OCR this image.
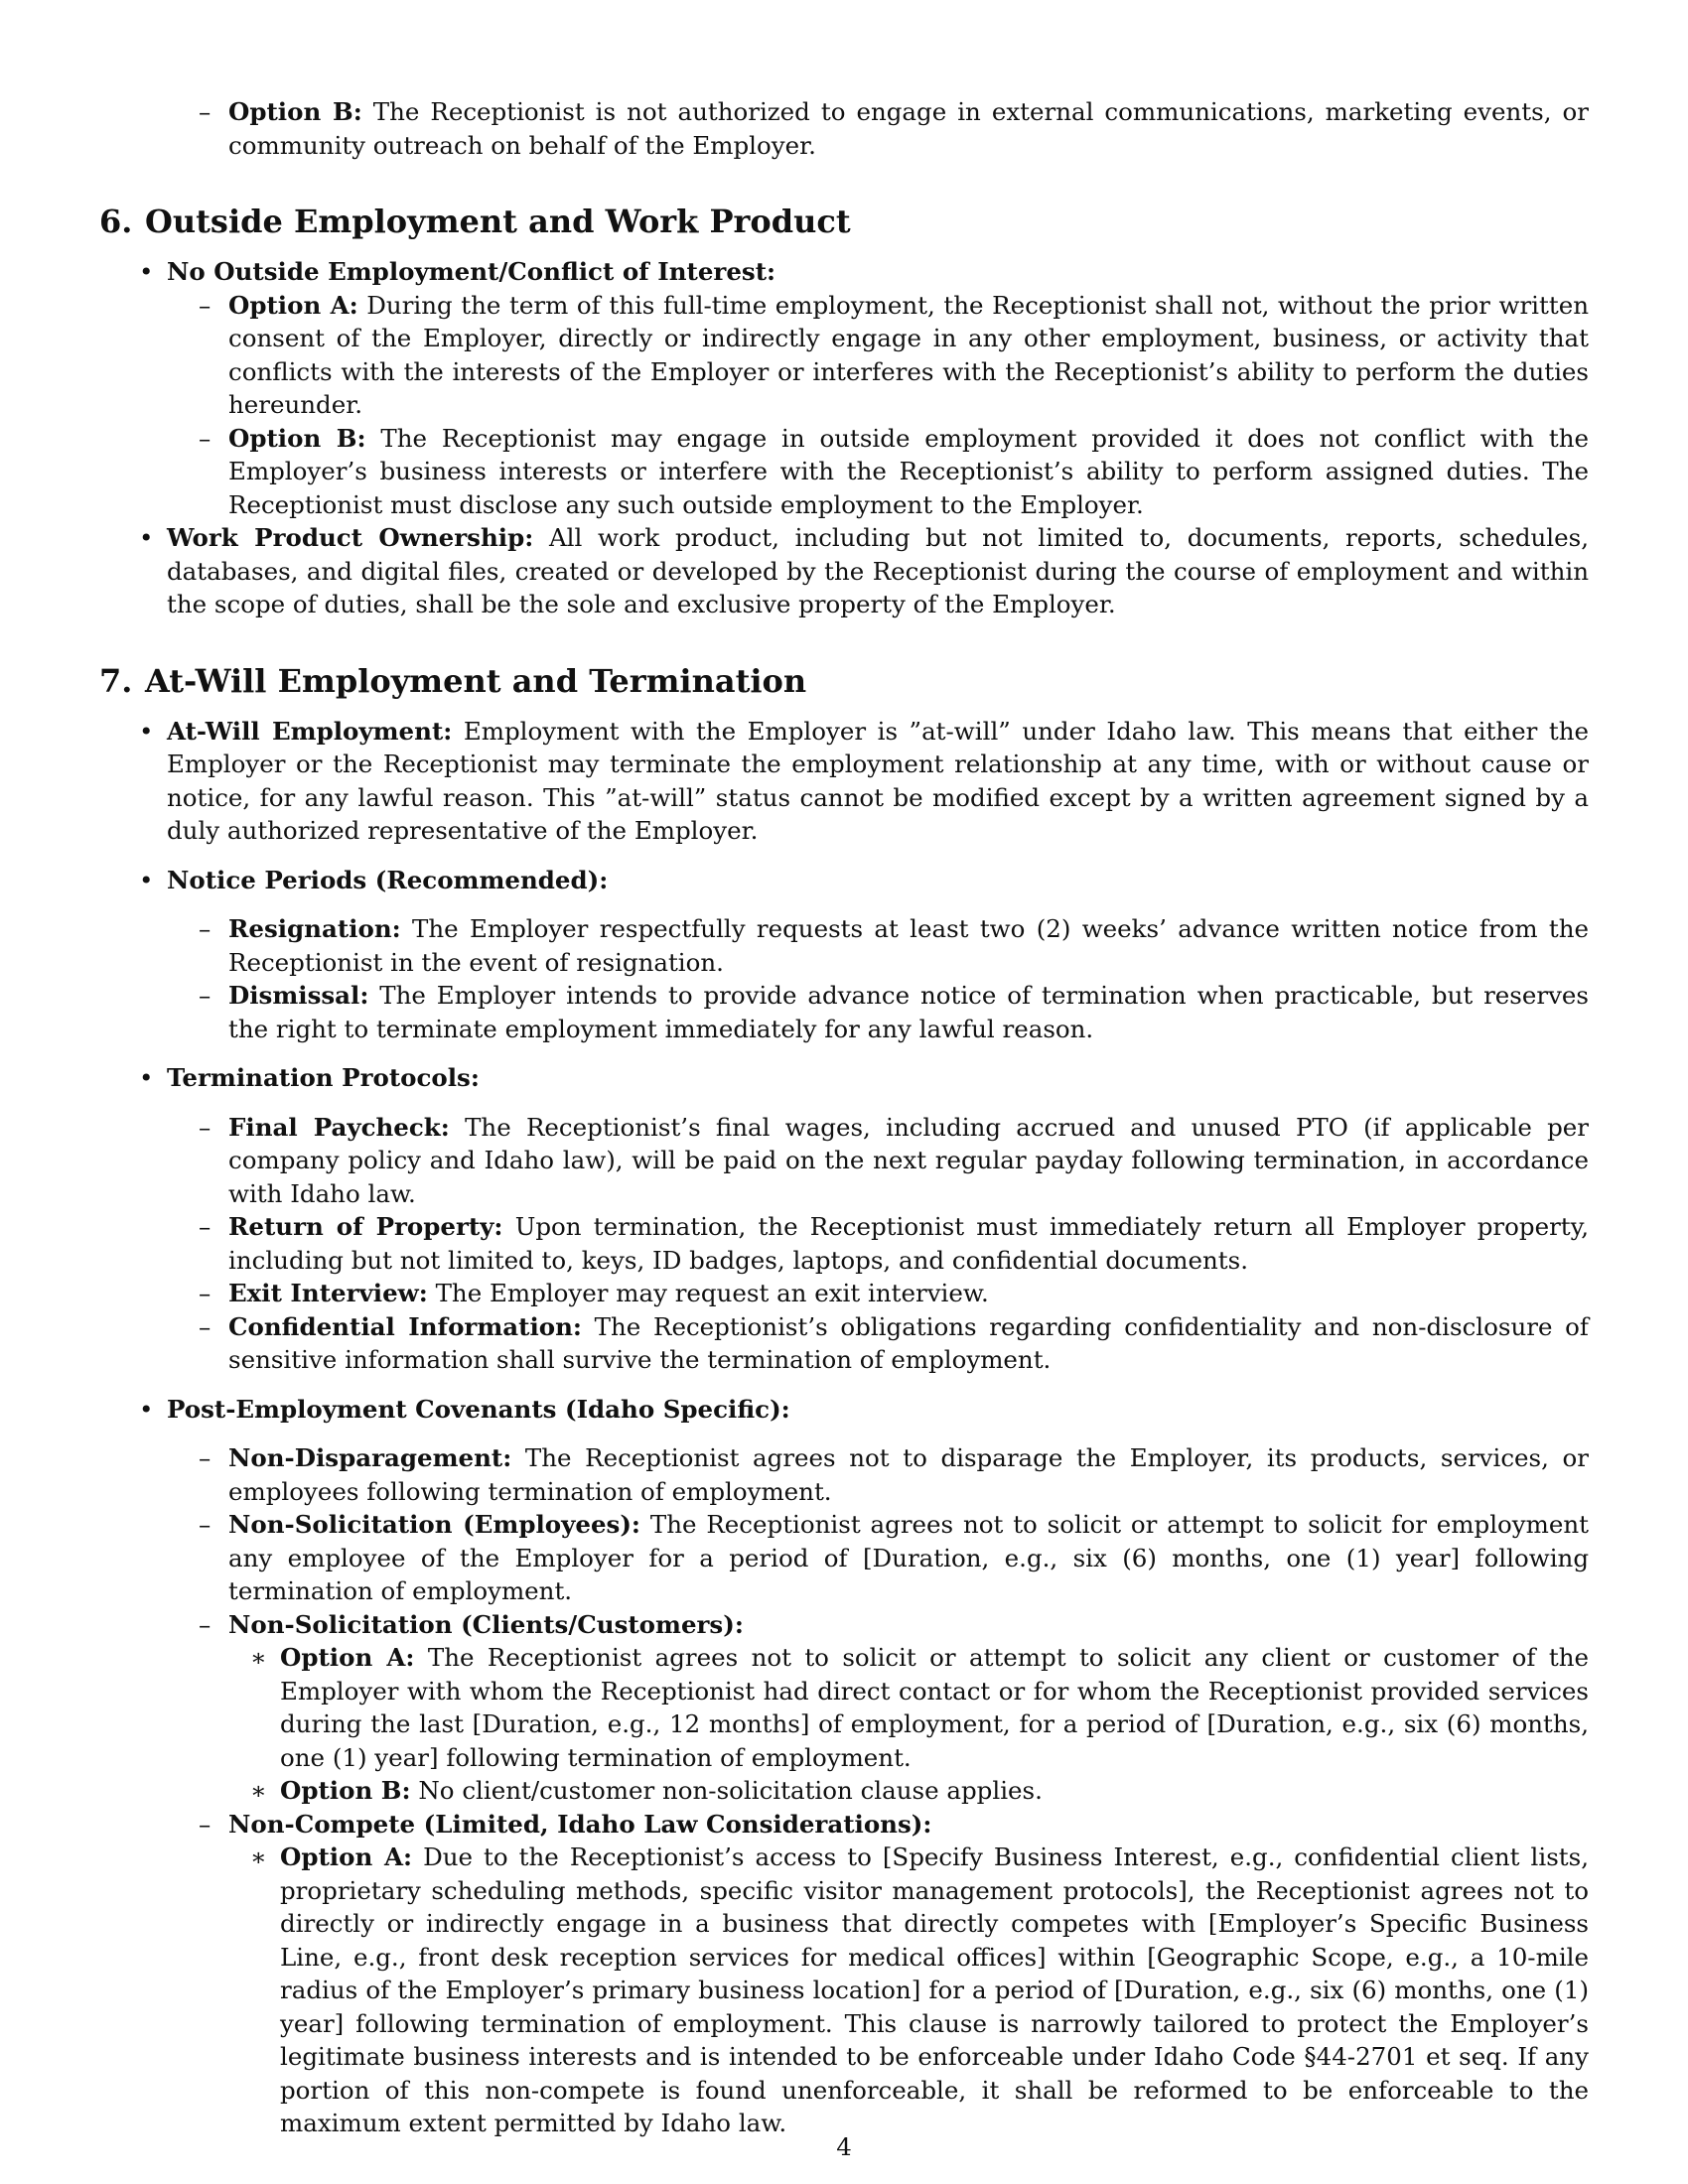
– Option B: The Receptionist is not authorized to engage in external communications, marketing events, or community outreach on behalf of the Employer.
6. Outside Employment and Work Product
• No Outside Employment/Conflict of Interest:
– Option A: During the term of this full-time employment, the Receptionist shall not, without the prior written consent of the Employer, directly or indirectly engage in any other employment, business, or activity that conflicts with the interests of the Employer or interferes with the Receptionist’s ability to perform the duties hereunder.
– Option B: The Receptionist may engage in outside employment provided it does not conflict with the Employer’s business interests or interfere with the Receptionist’s ability to perform assigned duties. The Receptionist must disclose any such outside employment to the Employer.
• Work Product Ownership: All work product, including but not limited to, documents, reports, schedules, databases, and digital files, created or developed by the Receptionist during the course of employment and within the scope of duties, shall be the sole and exclusive property of the Employer.
7. At-Will Employment and Termination
• At-Will Employment: Employment with the Employer is ”at-will” under Idaho law. This means that either the Employer or the Receptionist may terminate the employment relationship at any time, with or without cause or notice, for any lawful reason. This ”at-will” status cannot be modified except by a written agreement signed by a duly authorized representative of the Employer.
• Notice Periods (Recommended):
– Resignation: The Employer respectfully requests at least two (2) weeks’ advance written notice from the Receptionist in the event of resignation.
– Dismissal: The Employer intends to provide advance notice of termination when practicable, but reserves the right to terminate employment immediately for any lawful reason.
• Termination Protocols:
– Final Paycheck: The Receptionist’s final wages, including accrued and unused PTO (if applicable per company policy and Idaho law), will be paid on the next regular payday following termination, in accordance with Idaho law.
– Return of Property: Upon termination, the Receptionist must immediately return all Employer property, including but not limited to, keys, ID badges, laptops, and confidential documents.
– Exit Interview: The Employer may request an exit interview.
– Confidential Information: The Receptionist’s obligations regarding confidentiality and non-disclosure of sensitive information shall survive the termination of employment.
• Post-Employment Covenants (Idaho Specific):
– Non-Disparagement: The Receptionist agrees not to disparage the Employer, its products, services, or employees following termination of employment.
– Non-Solicitation (Employees): The Receptionist agrees not to solicit or attempt to solicit for employment any employee of the Employer for a period of [Duration, e.g., six (6) months, one (1) year] following termination of employment.
– Non-Solicitation (Clients/Customers):
∗ Option A: The Receptionist agrees not to solicit or attempt to solicit any client or customer of the Employer with whom the Receptionist had direct contact or for whom the Receptionist provided services during the last [Duration, e.g., 12 months] of employment, for a period of [Duration, e.g., six (6) months, one (1) year] following termination of employment.
∗ Option B: No client/customer non-solicitation clause applies.
– Non-Compete (Limited, Idaho Law Considerations):
∗ Option A: Due to the Receptionist’s access to [Specify Business Interest, e.g., confidential client lists, proprietary scheduling methods, specific visitor management protocols], the Receptionist agrees not to directly or indirectly engage in a business that directly competes with [Employer’s Specific Business Line, e.g., front desk reception services for medical offices] within [Geographic Scope, e.g., a 10-mile radius of the Employer’s primary business location] for a period of [Duration, e.g., six (6) months, one (1) year] following termination of employment. This clause is narrowly tailored to protect the Employer’s legitimate business interests and is intended to be enforceable under Idaho Code §44-2701 et seq. If any portion of this non-compete is found unenforceable, it shall be reformed to be enforceable to the maximum extent permitted by Idaho law.
4
